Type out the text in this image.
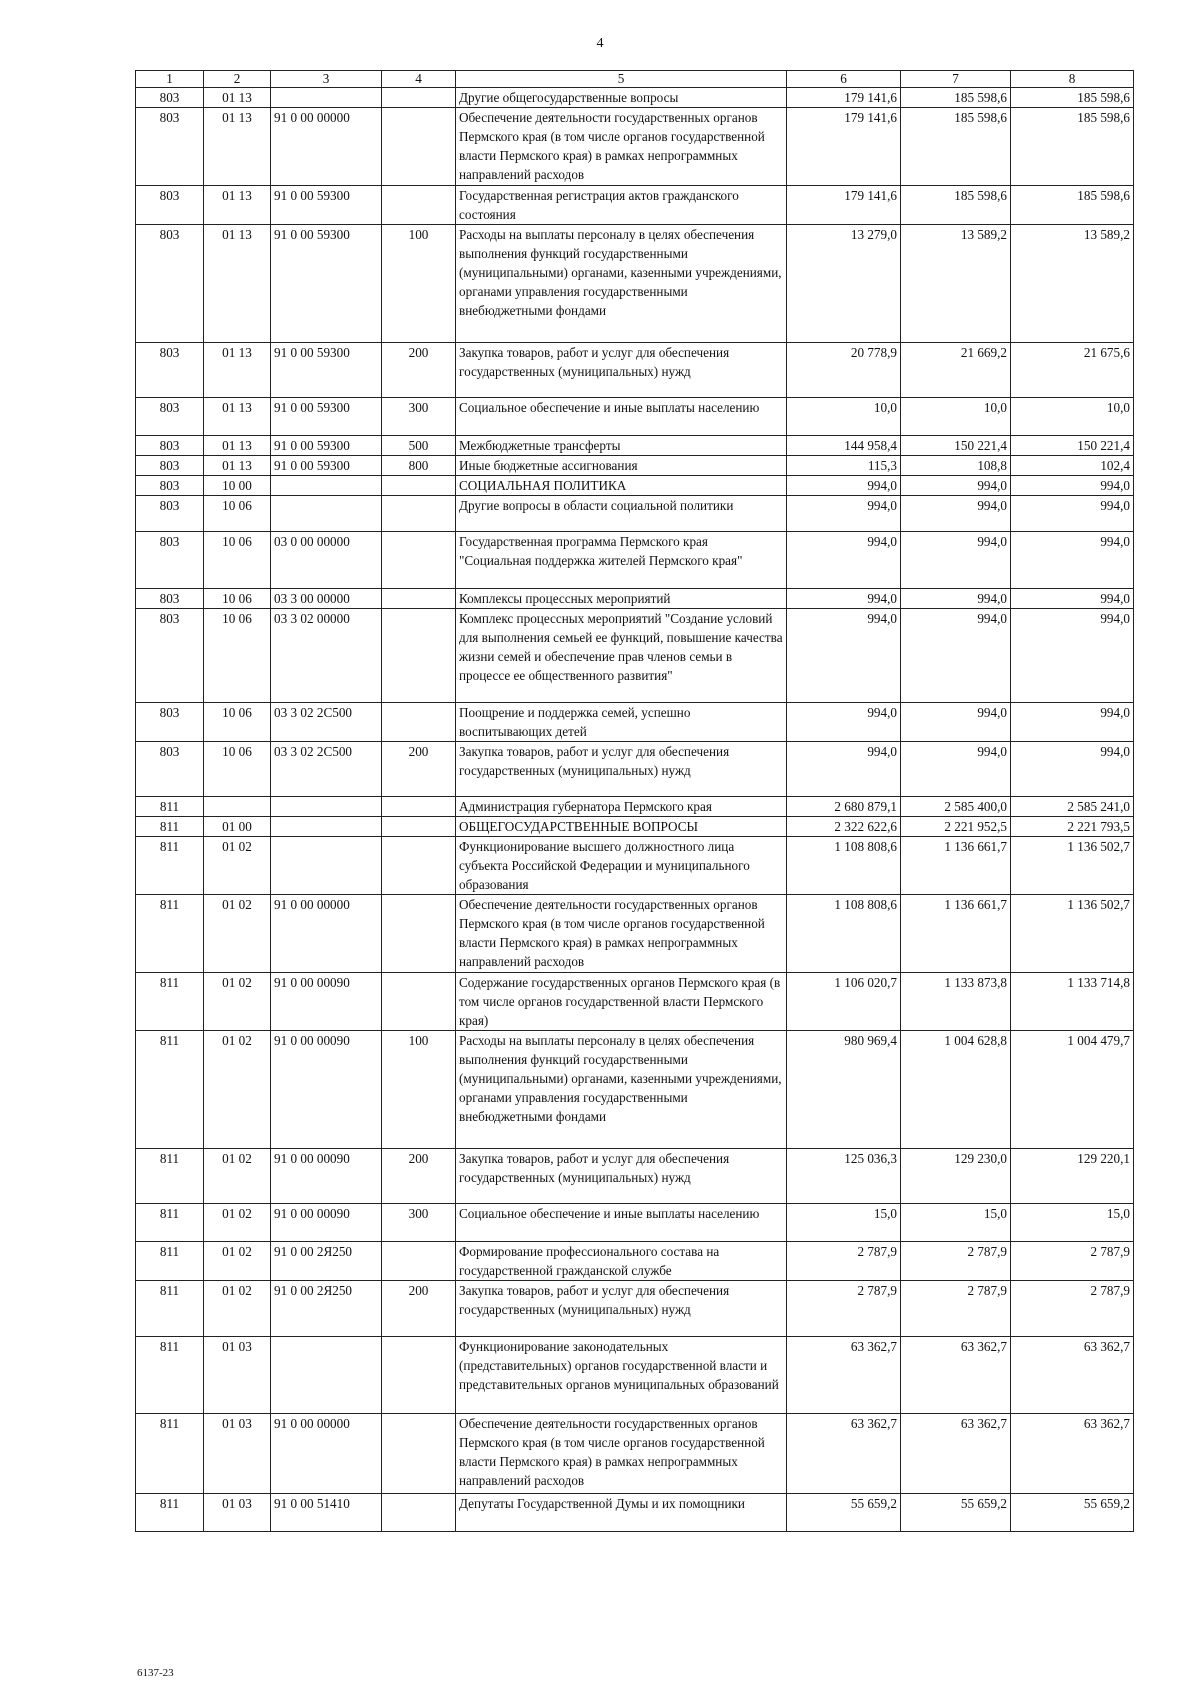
4
1	2	3	4	5	6	7	8
803	01 13			Другие общегосударственные вопросы	179 141,6	185 598,6	185 598,6
803	01 13	91 0 00 00000		Обеспечение деятельности государственных органов Пермского края (в том числе органов государственной власти Пермского края) в рамках непрограммных направлений расходов	179 141,6	185 598,6	185 598,6
803	01 13	91 0 00 59300		Государственная регистрация актов гражданского состояния	179 141,6	185 598,6	185 598,6
803	01 13	91 0 00 59300	100	Расходы на выплаты персоналу в целях обеспечения выполнения функций государственными (муниципальными) органами, казенными учреждениями, органами управления государственными внебюджетными фондами	13 279,0	13 589,2	13 589,2
803	01 13	91 0 00 59300	200	Закупка товаров, работ и услуг для обеспечения государственных (муниципальных) нужд	20 778,9	21 669,2	21 675,6
803	01 13	91 0 00 59300	300	Социальное обеспечение и иные выплаты населению	10,0	10,0	10,0
803	01 13	91 0 00 59300	500	Межбюджетные трансферты	144 958,4	150 221,4	150 221,4
803	01 13	91 0 00 59300	800	Иные бюджетные ассигнования	115,3	108,8	102,4
803	10 00			СОЦИАЛЬНАЯ ПОЛИТИКА	994,0	994,0	994,0
803	10 06			Другие вопросы в области социальной политики	994,0	994,0	994,0
803	10 06	03 0 00 00000		Государственная программа Пермского края "Социальная поддержка жителей Пермского края"	994,0	994,0	994,0
803	10 06	03 3 00 00000		Комплексы процессных мероприятий	994,0	994,0	994,0
803	10 06	03 3 02 00000		Комплекс процессных мероприятий "Создание условий для выполнения семьей ее функций, повышение качества жизни семей и обеспечение прав членов семьи в процессе ее общественного развития"	994,0	994,0	994,0
803	10 06	03 3 02 2С500		Поощрение и поддержка семей, успешно воспитывающих детей	994,0	994,0	994,0
803	10 06	03 3 02 2С500	200	Закупка товаров, работ и услуг для обеспечения государственных (муниципальных) нужд	994,0	994,0	994,0
811				Администрация губернатора Пермского края	2 680 879,1	2 585 400,0	2 585 241,0
811	01 00			ОБЩЕГОСУДАРСТВЕННЫЕ ВОПРОСЫ	2 322 622,6	2 221 952,5	2 221 793,5
811	01 02			Функционирование высшего должностного лица субъекта Российской Федерации и муниципального образования	1 108 808,6	1 136 661,7	1 136 502,7
811	01 02	91 0 00 00000		Обеспечение деятельности государственных органов Пермского края (в том числе органов государственной власти Пермского края) в рамках непрограммных направлений расходов	1 108 808,6	1 136 661,7	1 136 502,7
811	01 02	91 0 00 00090		Содержание государственных органов Пермского края (в том числе органов государственной власти Пермского края)	1 106 020,7	1 133 873,8	1 133 714,8
811	01 02	91 0 00 00090	100	Расходы на выплаты персоналу в целях обеспечения выполнения функций государственными (муниципальными) органами, казенными учреждениями, органами управления государственными внебюджетными фондами	980 969,4	1 004 628,8	1 004 479,7
811	01 02	91 0 00 00090	200	Закупка товаров, работ и услуг для обеспечения государственных (муниципальных) нужд	125 036,3	129 230,0	129 220,1
811	01 02	91 0 00 00090	300	Социальное обеспечение и иные выплаты населению	15,0	15,0	15,0
811	01 02	91 0 00 2Я250		Формирование профессионального состава на государственной гражданской службе	2 787,9	2 787,9	2 787,9
811	01 02	91 0 00 2Я250	200	Закупка товаров, работ и услуг для обеспечения государственных (муниципальных) нужд	2 787,9	2 787,9	2 787,9
811	01 03			Функционирование законодательных (представительных) органов государственной власти и представительных органов муниципальных образований	63 362,7	63 362,7	63 362,7
811	01 03	91 0 00 00000		Обеспечение деятельности государственных органов Пермского края (в том числе органов государственной власти Пермского края) в рамках непрограммных направлений расходов	63 362,7	63 362,7	63 362,7
811	01 03	91 0 00 51410		Депутаты Государственной Думы и их помощники	55 659,2	55 659,2	55 659,2
6137-23
